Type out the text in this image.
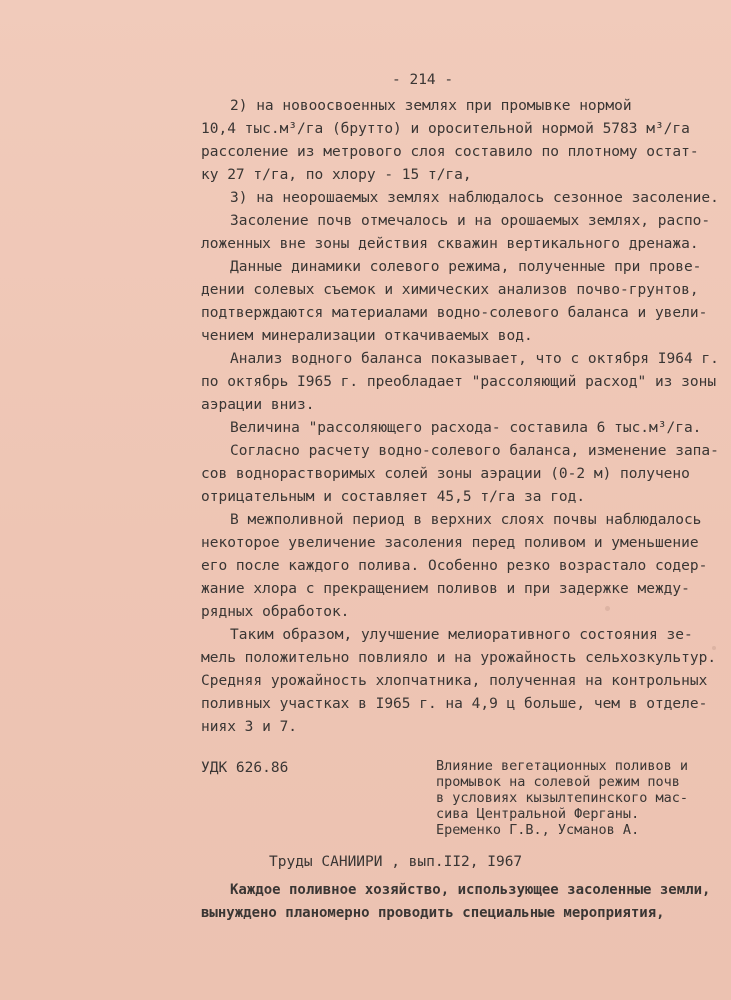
- 214 -
2) на новоосвоенных землях при промывке нормой
10,4 тыс.м³/га (брутто) и оросительной нормой 5783 м³/га
рассоление из метрового слоя составило по плотному остат-
ку 27 т/га, по хлору - 15 т/га,
3) на неорошаемых землях наблюдалось сезонное засоление.
Засоление почв отмечалось и на орошаемых землях, распо-
ложенных вне зоны действия скважин вертикального дренажа.
Данные динамики солевого режима, полученные при прове-
дении солевых съемок и химических анализов почво-грунтов,
подтверждаются материалами водно-солевого баланса и увели-
чением минерализации откачиваемых вод.
Анализ водного баланса показывает, что с октября I964 г.
по октябрь I965 г. преобладает "рассоляющий расход" из зоны
аэрации вниз.
Величина "рассоляющего расхода- составила 6 тыс.м³/га.
Согласно расчету водно-солевого баланса, изменение запа-
сов воднорастворимых солей зоны аэрации (0-2 м) получено
отрицательным и составляет 45,5 т/га за год.
В межполивной период в верхних слоях почвы наблюдалось
некоторое увеличение засоления перед поливом и уменьшение
его после каждого полива. Особенно резко возрастало содер-
жание хлора с прекращением поливов и при задержке между-
рядных обработок.
Таким образом, улучшение мелиоративного состояния зе-
мель положительно повлияло и на урожайность сельхозкультур.
Средняя урожайность хлопчатника, полученная на контрольных
поливных участках в I965 г. на 4,9 ц больше, чем в отделе-
ниях 3 и 7.
УДК 626.86	Влияние вегетационных поливов и
промывок на солевой режим почв
в условиях кызылтепинского мас-
сива Центральной Ферганы.
Еременко Г.В., Усманов А.
Труды САНИИРИ , вып.II2, I967
Каждое поливное хозяйство, использующее засоленные земли,
вынуждено планомерно проводить специальные мероприятия,
